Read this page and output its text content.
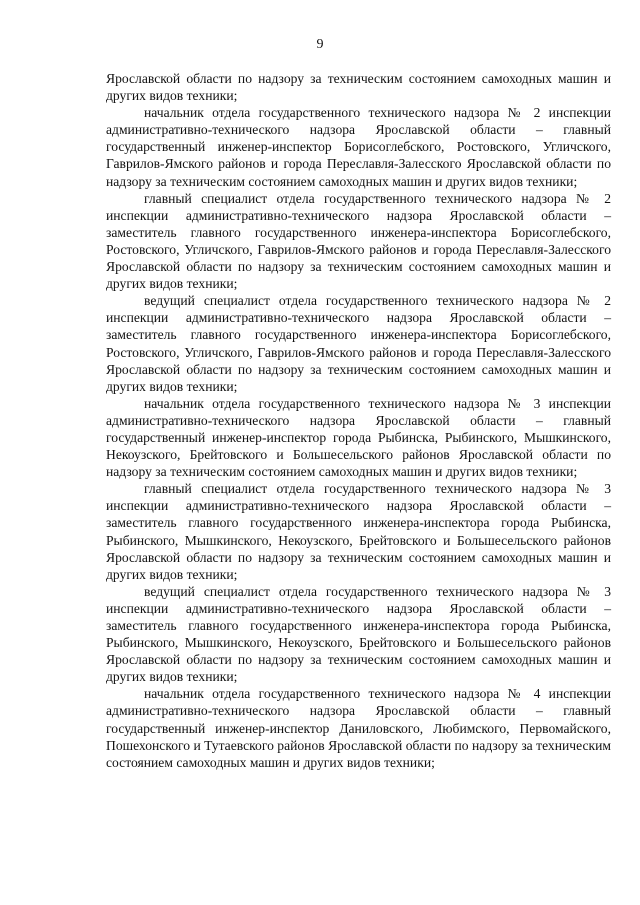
9

Ярославской области по надзору за техническим состоянием самоходных машин и других видов техники;

начальник отдела государственного технического надзора № 2 инспекции административно-технического надзора Ярославской области – главный государственный инженер-инспектор Борисоглебского, Ростовского, Угличского, Гаврилов-Ямского районов и города Переславля-Залесского Ярославской области по надзору за техническим состоянием самоходных машин и других видов техники;

главный специалист отдела государственного технического надзора № 2 инспекции административно-технического надзора Ярославской области – заместитель главного государственного инженера-инспектора Борисоглебского, Ростовского, Угличского, Гаврилов-Ямского районов и города Переславля-Залесского Ярославской области по надзору за техническим состоянием самоходных машин и других видов техники;

ведущий специалист отдела государственного технического надзора № 2 инспекции административно-технического надзора Ярославской области – заместитель главного государственного инженера-инспектора Борисоглебского, Ростовского, Угличского, Гаврилов-Ямского районов и города Переславля-Залесского Ярославской области по надзору за техническим состоянием самоходных машин и других видов техники;

начальник отдела государственного технического надзора № 3 инспекции административно-технического надзора Ярославской области – главный государственный инженер-инспектор города Рыбинска, Рыбинского, Мышкинского, Некоузского, Брейтовского и Большесельского районов Ярославской области по надзору за техническим состоянием самоходных машин и других видов техники;

главный специалист отдела государственного технического надзора № 3 инспекции административно-технического надзора Ярославской области – заместитель главного государственного инженера-инспектора города Рыбинска, Рыбинского, Мышкинского, Некоузского, Брейтовского и Большесельского районов Ярославской области по надзору за техническим состоянием самоходных машин и других видов техники;

ведущий специалист отдела государственного технического надзора № 3 инспекции административно-технического надзора Ярославской области – заместитель главного государственного инженера-инспектора города Рыбинска, Рыбинского, Мышкинского, Некоузского, Брейтовского и Большесельского районов Ярославской области по надзору за техническим состоянием самоходных машин и других видов техники;

начальник отдела государственного технического надзора № 4 инспекции административно-технического надзора Ярославской области – главный государственный инженер-инспектор Даниловского, Любимского, Первомайского, Пошехонского и Тутаевского районов Ярославской области по надзору за техническим состоянием самоходных машин и других видов техники;
